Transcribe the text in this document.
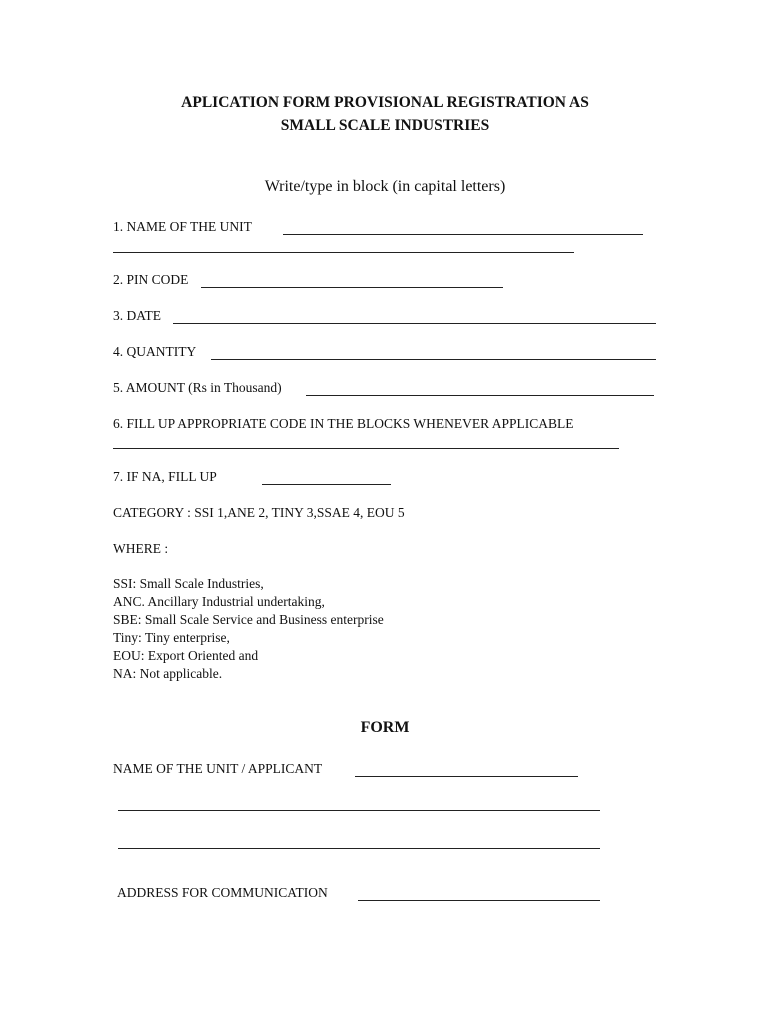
APLICATION FORM PROVISIONAL REGISTRATION AS
SMALL SCALE INDUSTRIES
Write/type in block (in capital letters)
1. NAME OF THE UNIT
2. PIN CODE
3. DATE
4. QUANTITY
5. AMOUNT (Rs in Thousand)
6. FILL UP APPROPRIATE CODE IN THE BLOCKS WHENEVER APPLICABLE
7. IF NA, FILL UP
CATEGORY : SSI 1,ANE 2, TINY 3,SSAE 4, EOU 5
WHERE :
SSI: Small Scale Industries,
ANC. Ancillary Industrial undertaking,
SBE: Small Scale Service and Business enterprise
Tiny: Tiny enterprise,
EOU: Export Oriented and
NA: Not applicable.
FORM
NAME OF THE UNIT / APPLICANT
ADDRESS FOR COMMUNICATION
